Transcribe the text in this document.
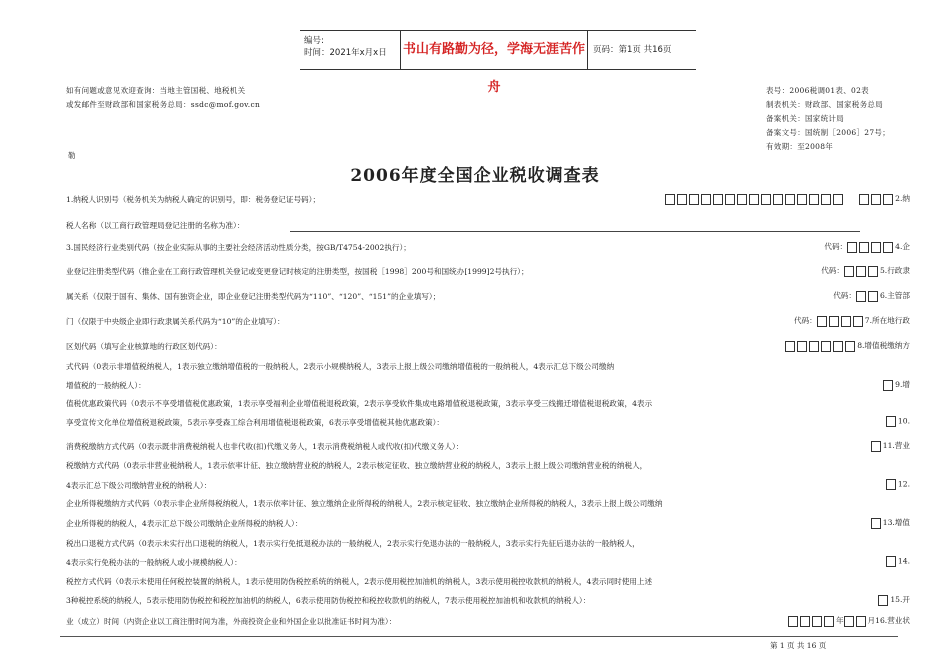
编号:
时间：2021年x月x日	书山有路勤为径，学海无涯苦作舟
页码：第1页 共16页
如有问题或意见欢迎查询：当地主管国税、地税机关
或发邮件至财政部和国家税务总局：ssdc@mof.gov.cn
表号：2006税调01表、02表
制表机关：财政部、国家税务总局
备案机关：国家统计局
备案文号：国统制［2006］27号；
有效期：至2008年
勒
2006年度全国企业税收调查表
1.纳税人识别号（税务机关为纳税人确定的识别号，即：税务登记证号码）；	2.纳
税人名称（以工商行政管理局登记注册的名称为准）：
3.国民经济行业类别代码（按企业实际从事的主要社会经济活动性质分类，按GB/T4754-2002执行）；	代码：	4.企
业登记注册类型代码（推企业在工商行政管理机关登记或变更登记时核定的注册类型，按国税［1998］200号和国统办[1999]2号执行）；	代码：	5.行政隶
属关系（仅限于国有、集体、国有独资企业，即企业登记注册类型代码为“110”、“120”、“151”的企业填写）；	代码：	6.主管部
门（仅限于中央级企业即行政隶属关系代码为“10”的企业填写）：	代码：	7.所在地行政
区划代码（填写企业核算地的行政区划代码）：	8.增值税缴纳方
式代码（0表示非增值税纳税人，1表示独立缴纳增值税的一般纳税人，2表示小规模纳税人，3表示上报上级公司缴纳增值税的一般纳税人，4表示汇总下级公司缴纳
增值税的一般纳税人）：	9.增
值税优惠政策代码（0表示不享受增值税优惠政策，1表示享受福利企业增值税退税政策，2表示享受软件集成电路增值税退税政策，3表示享受三线搬迁增值税退税政策，4表示
享受宣传文化单位增值税退税政策，5表示享受森工综合利用增值税退税政策，6表示享受增值税其他优惠政策）：	10.
消费税缴纳方式代码（0表示既非消费税纳税人也非代收(扣)代缴义务人，1表示消费税纳税人或代收(扣)代缴义务人）：	11.营业
税缴纳方式代码（0表示非营业税纳税人，1表示依率计征、独立缴纳营业税的纳税人，2表示核定征收、独立缴纳营业税的纳税人，3表示上报上级公司缴纳营业税的纳税人，
4表示汇总下级公司缴纳营业税的纳税人）：	12.
企业所得税缴纳方式代码（0表示非企业所得税纳税人，1表示依率计征、独立缴纳企业所得税的纳税人，2表示核定征收、独立缴纳企业所得税的纳税人，3表示上报上级公司缴纳
企业所得税的纳税人，4表示汇总下级公司缴纳企业所得税的纳税人）：	13.增值
税出口退税方式代码（0表示未实行出口退税的纳税人，1表示实行免抵退税办法的一般纳税人，2表示实行免退办法的一般纳税人，3表示实行先征后退办法的一般纳税人，
4表示实行免税办法的一般纳税人或小规模纳税人）：	14.
税控方式代码（0表示未使用任何税控装置的纳税人，1表示使用防伪税控系统的纳税人，2表示使用税控加油机的纳税人，3表示使用税控收款机的纳税人，4表示同时使用上述
3种税控系统的纳税人，5表示使用防伪税控和税控加油机的纳税人，6表示使用防伪税控和税控收款机的纳税人，7表示使用税控加油机和收款机的纳税人）：	15.开
业（成立）时间（内资企业以工商注册时间为准，外商投资企业和外国企业以批准证书时间为准）：	年	月16.营业状
第 1 页 共 16 页
